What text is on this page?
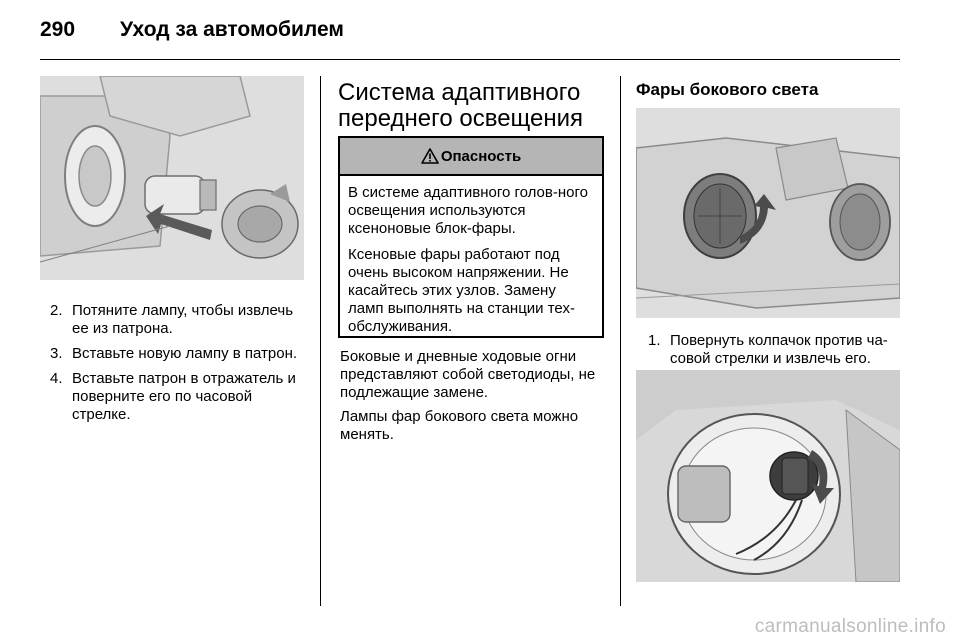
290 Уход за автомобилем
2. Потяните лампу, чтобы извлечь ее из патрона.
3. Вставьте новую лампу в патрон.
4. Вставьте патрон в отражатель и поверните его по часовой стрелке.
Система адаптивного
переднего освещения
Опасность

В системе адаптивного голов-ного освещения используются ксеноновые блок-фары.

Ксеновые фары работают под очень высоком напряжении. Не касайтесь этих узлов. Замену ламп выполнять на станции тех-обслуживания.

Боковые и дневные ходовые огни представляют собой светодиоды, не подлежащие замене.

Лампы фар бокового света можно менять.

Фары бокового света
1. Повернуть колпачок против ча-совой стрелки и извлечь его.
carmanualsonline.info
